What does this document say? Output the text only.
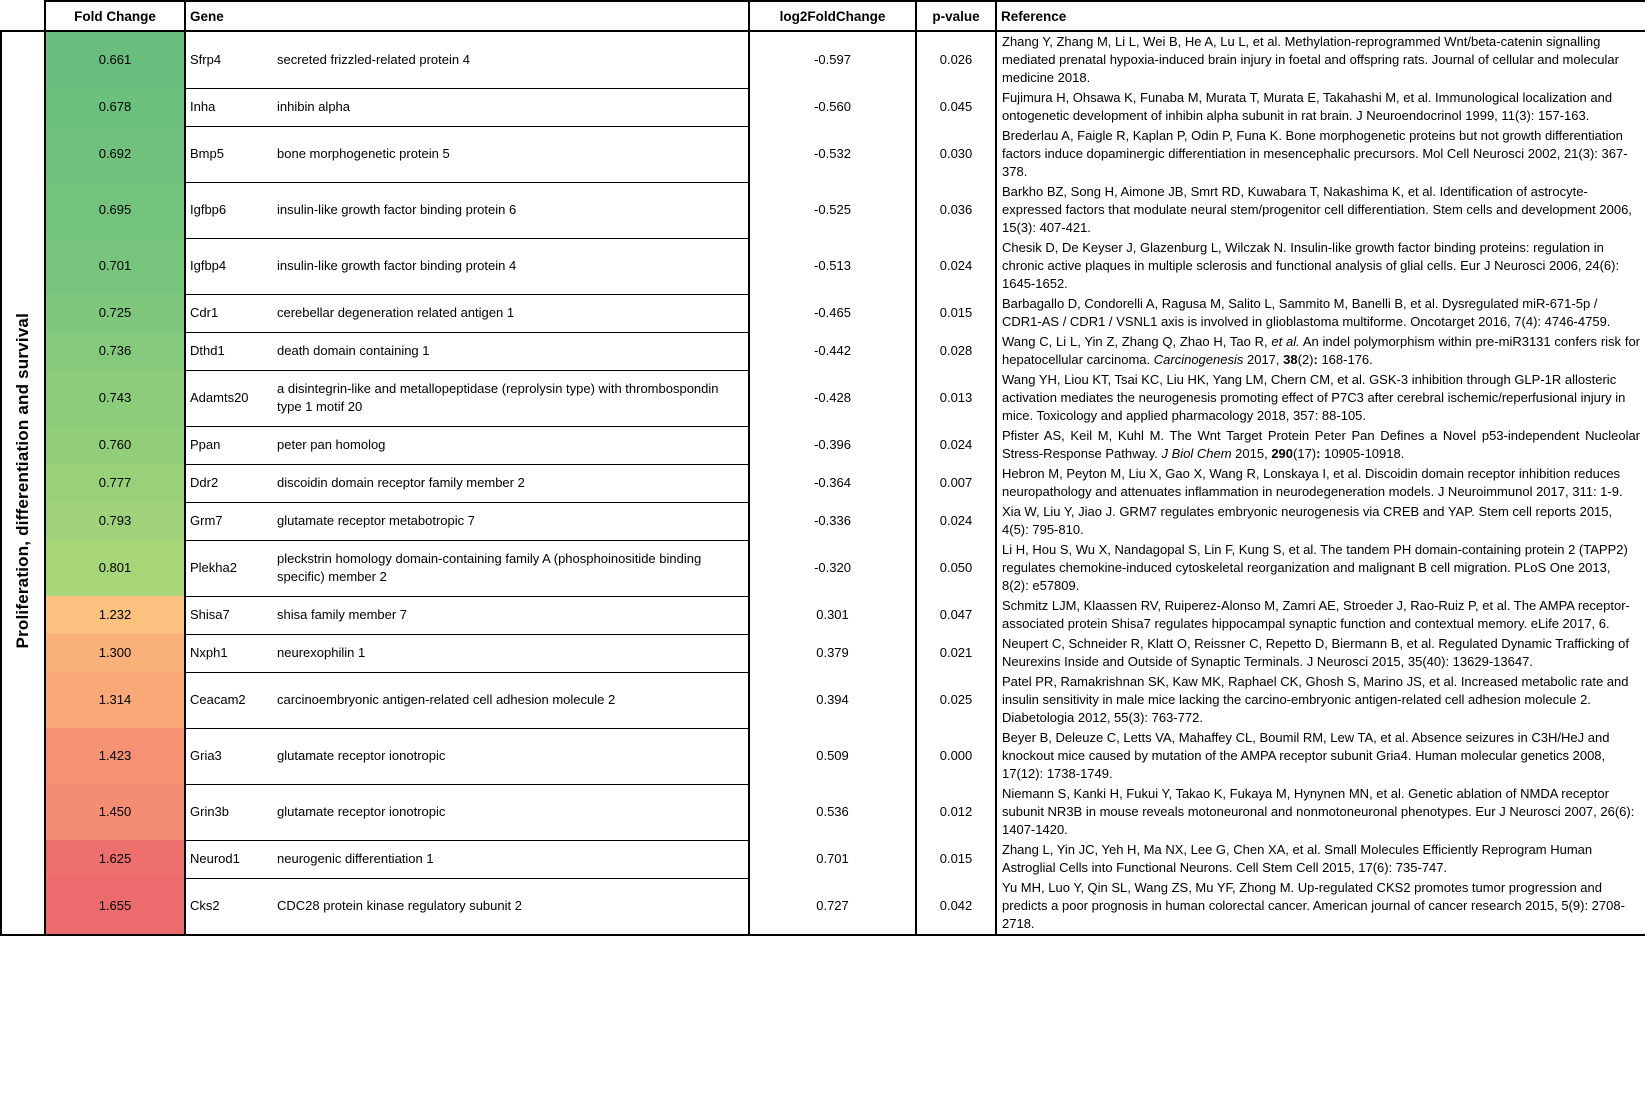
	Fold Change	Gene		log2FoldChange	p-value	Reference
Proliferation, differentiation and survival	0.661	Sfrp4	secreted frizzled-related protein 4	-0.597	0.026	Zhang Y, Zhang M, Li L, Wei B, He A, Lu L, et al. Methylation-reprogrammed Wnt/beta-catenin signalling mediated prenatal hypoxia-induced brain injury in foetal and offspring rats. Journal of cellular and molecular medicine 2018.
	0.678	Inha	inhibin alpha	-0.560	0.045	Fujimura H, Ohsawa K, Funaba M, Murata T, Murata E, Takahashi M, et al. Immunological localization and ontogenetic development of inhibin alpha subunit in rat brain. J Neuroendocrinol 1999, 11(3): 157-163.
	0.692	Bmp5	bone morphogenetic protein 5	-0.532	0.030	Brederlau A, Faigle R, Kaplan P, Odin P, Funa K. Bone morphogenetic proteins but not growth differentiation factors induce dopaminergic differentiation in mesencephalic precursors. Mol Cell Neurosci 2002, 21(3): 367-378.
	0.695	Igfbp6	insulin-like growth factor binding protein 6	-0.525	0.036	Barkho BZ, Song H, Aimone JB, Smrt RD, Kuwabara T, Nakashima K, et al. Identification of astrocyte-expressed factors that modulate neural stem/progenitor cell differentiation. Stem cells and development 2006, 15(3): 407-421.
	0.701	Igfbp4	insulin-like growth factor binding protein 4	-0.513	0.024	Chesik D, De Keyser J, Glazenburg L, Wilczak N. Insulin-like growth factor binding proteins: regulation in chronic active plaques in multiple sclerosis and functional analysis of glial cells. Eur J Neurosci 2006, 24(6): 1645-1652.
	0.725	Cdr1	cerebellar degeneration related antigen 1	-0.465	0.015	Barbagallo D, Condorelli A, Ragusa M, Salito L, Sammito M, Banelli B, et al. Dysregulated miR-671-5p / CDR1-AS / CDR1 / VSNL1 axis is involved in glioblastoma multiforme. Oncotarget 2016, 7(4): 4746-4759.
	0.736	Dthd1	death domain containing 1	-0.442	0.028	Wang C, Li L, Yin Z, Zhang Q, Zhao H, Tao R, et al. An indel polymorphism within pre-miR3131 confers risk for hepatocellular carcinoma. Carcinogenesis 2017, 38(2): 168-176.
	0.743	Adamts20	a disintegrin-like and metallopeptidase (reprolysin type) with thrombospondin type 1 motif 20	-0.428	0.013	Wang YH, Liou KT, Tsai KC, Liu HK, Yang LM, Chern CM, et al. GSK-3 inhibition through GLP-1R allosteric activation mediates the neurogenesis promoting effect of P7C3 after cerebral ischemic/reperfusional injury in mice. Toxicology and applied pharmacology 2018, 357: 88-105.
	0.760	Ppan	peter pan homolog	-0.396	0.024	Pfister AS, Keil M, Kuhl M. The Wnt Target Protein Peter Pan Defines a Novel p53-independent Nucleolar Stress-Response Pathway. J Biol Chem 2015, 290(17): 10905-10918.
	0.777	Ddr2	discoidin domain receptor family member 2	-0.364	0.007	Hebron M, Peyton M, Liu X, Gao X, Wang R, Lonskaya I, et al. Discoidin domain receptor inhibition reduces neuropathology and attenuates inflammation in neurodegeneration models. J Neuroimmunol 2017, 311: 1-9.
	0.793	Grm7	glutamate receptor metabotropic 7	-0.336	0.024	Xia W, Liu Y, Jiao J. GRM7 regulates embryonic neurogenesis via CREB and YAP. Stem cell reports 2015, 4(5): 795-810.
	0.801	Plekha2	pleckstrin homology domain-containing family A (phosphoinositide binding specific) member 2	-0.320	0.050	Li H, Hou S, Wu X, Nandagopal S, Lin F, Kung S, et al. The tandem PH domain-containing protein 2 (TAPP2) regulates chemokine-induced cytoskeletal reorganization and malignant B cell migration. PLoS One 2013, 8(2): e57809.
	1.232	Shisa7	shisa family member 7	0.301	0.047	Schmitz LJM, Klaassen RV, Ruiperez-Alonso M, Zamri AE, Stroeder J, Rao-Ruiz P, et al. The AMPA receptor-associated protein Shisa7 regulates hippocampal synaptic function and contextual memory. eLife 2017, 6.
	1.300	Nxph1	neurexophilin 1	0.379	0.021	Neupert C, Schneider R, Klatt O, Reissner C, Repetto D, Biermann B, et al. Regulated Dynamic Trafficking of Neurexins Inside and Outside of Synaptic Terminals. J Neurosci 2015, 35(40): 13629-13647.
	1.314	Ceacam2	carcinoembryonic antigen-related cell adhesion molecule 2	0.394	0.025	Patel PR, Ramakrishnan SK, Kaw MK, Raphael CK, Ghosh S, Marino JS, et al. Increased metabolic rate and insulin sensitivity in male mice lacking the carcino-embryonic antigen-related cell adhesion molecule 2. Diabetologia 2012, 55(3): 763-772.
	1.423	Gria3	glutamate receptor ionotropic	0.509	0.000	Beyer B, Deleuze C, Letts VA, Mahaffey CL, Boumil RM, Lew TA, et al. Absence seizures in C3H/HeJ and knockout mice caused by mutation of the AMPA receptor subunit Gria4. Human molecular genetics 2008, 17(12): 1738-1749.
	1.450	Grin3b	glutamate receptor ionotropic	0.536	0.012	Niemann S, Kanki H, Fukui Y, Takao K, Fukaya M, Hynynen MN, et al. Genetic ablation of NMDA receptor subunit NR3B in mouse reveals motoneuronal and nonmotoneuronal phenotypes. Eur J Neurosci 2007, 26(6): 1407-1420.
	1.625	Neurod1	neurogenic differentiation 1	0.701	0.015	Zhang L, Yin JC, Yeh H, Ma NX, Lee G, Chen XA, et al. Small Molecules Efficiently Reprogram Human Astroglial Cells into Functional Neurons. Cell Stem Cell 2015, 17(6): 735-747.
	1.655	Cks2	CDC28 protein kinase regulatory subunit 2	0.727	0.042	Yu MH, Luo Y, Qin SL, Wang ZS, Mu YF, Zhong M. Up-regulated CKS2 promotes tumor progression and predicts a poor prognosis in human colorectal cancer. American journal of cancer research 2015, 5(9): 2708-2718.
